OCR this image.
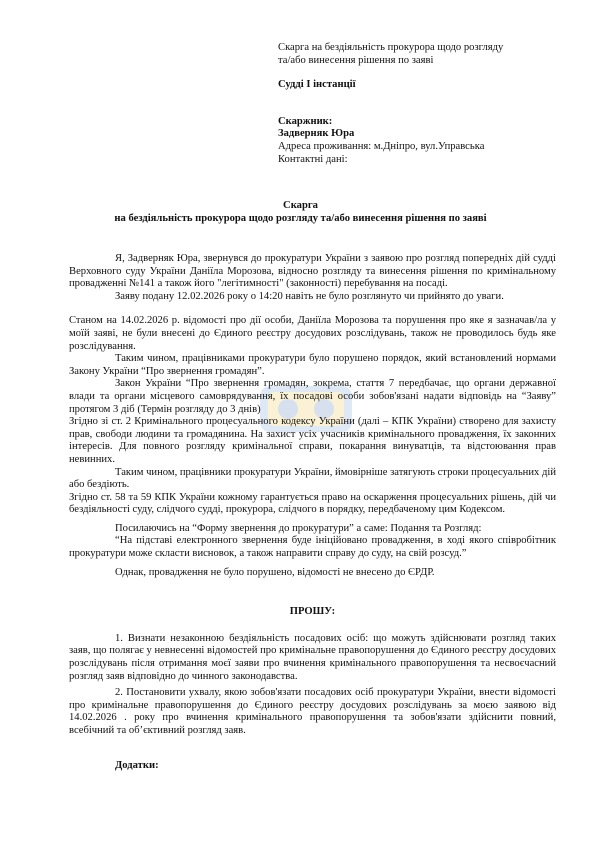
Скарга на бездіяльність прокурора щодо розгляду
та/або винесення рішення по заяві
Судді І інстанції
Скаржник:
Задверняк Юра
Адреса проживання: м.Дніпро, вул.Управська
Контактні дані:
Скарга
на бездіяльність прокурора щодо розгляду та/або винесення рішення по заяві

Я, Задверняк Юра, звернувся до прокуратури України з заявою про розгляд попередніх дій судді Верховного суду України Даніїла Морозова, відносно розгляду та винесення рішення по кримінальному провадженні №141 а також його "легітимності" (законності) перебування на посаді.

Заяву подану 12.02.2026 року о 14:20 навіть не було розглянуто чи прийнято до уваги.

Станом на 14.02.2026 р. відомості про дії особи, Даніїла Морозова та порушення про яке я зазначав/ла у моїй заяві, не були внесені до Єдиного реєстру досудових розслідувань, також не проводилось будь яке розслідування.

Таким чином, працівниками прокуратури було порушено порядок, який встановлений нормами Закону України “Про звернення громадян”.

Закон України “Про звернення громадян, зокрема, стаття 7 передбачає, що органи державної влади та органи місцевого самоврядування, їх посадові особи зобов'язані надати відповідь на “Заяву” протягом 3 діб (Термін розгляду до 3 днів)

Згідно зі ст. 2 Кримінального процесуального кодексу України (далі – КПК України) створено для захисту прав, свободи людини та громадянина. На захист усіх учасників кримінального провадження, їх законних інтересів. Для повного розгляду кримінальної справи, покарання винуватців, та відстоювання прав невинних.

Таким чином, працівники прокуратури України, ймовірніше затягують строки процесуальних дій або бездіють.

Згідно ст. 58 та 59 КПК України кожному гарантується право на оскарження процесуальних рішень, дій чи бездіяльності суду, слідчого судді, прокурора, слідчого в порядку, передбаченому цим Кодексом.

Посилаючись на “Форму звернення до прокуратури” а саме: Подання та Розгляд:

“На підставі електронного звернення буде ініційовано провадження, в ході якого співробітник прокуратури може скласти висновок, а також направити справу до суду, на свій розсуд.”

Однак, провадження не було порушено, відомості не внесено до ЄРДР.

ПРОШУ:

1. Визнати незаконною бездіяльність посадових осіб: що можуть здійснювати розгляд таких заяв, що полягає у невнесенні відомостей про кримінальне правопорушення до Єдиного реєстру досудових розслідувань після отримання моєї заяви про вчинення кримінального правопорушення та несвоєчасний розгляд заяв відповідно до чинного законодавства.

2. Постановити ухвалу, якою зобов'язати посадових осіб прокуратури України, внести відомості про кримінальне правопорушення до Єдиного реєстру досудових розслідувань за моєю заявою від 14.02.2026 . року про вчинення кримінального правопорушення та зобов'язати здійснити повний, всебічний та об’єктивний розгляд заяв.

Додатки:
